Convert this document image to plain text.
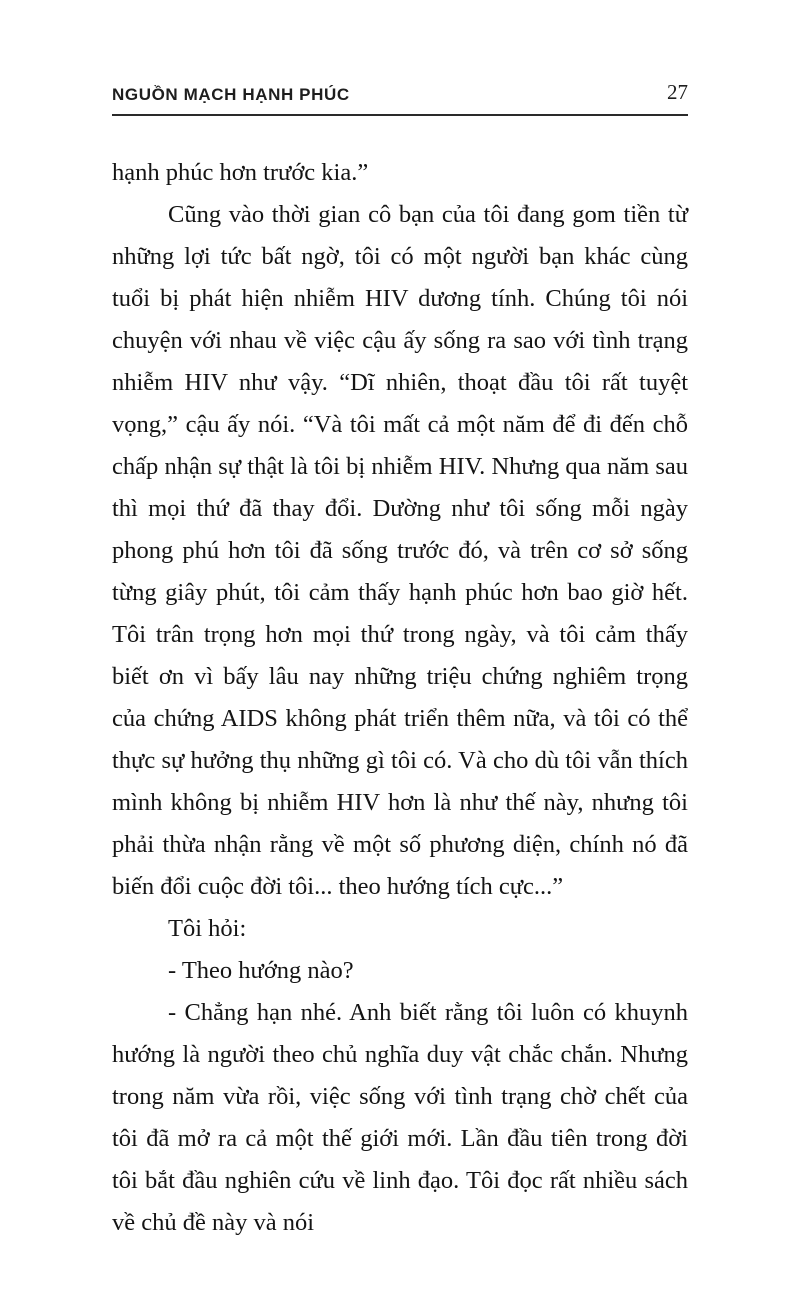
NGUỒN MẠCH HẠNH PHÚC	27

hạnh phúc hơn trước kia.”

Cũng vào thời gian cô bạn của tôi đang gom tiền từ những lợi tức bất ngờ, tôi có một người bạn khác cùng tuổi bị phát hiện nhiễm HIV dương tính. Chúng tôi nói chuyện với nhau về việc cậu ấy sống ra sao với tình trạng nhiễm HIV như vậy. “Dĩ nhiên, thoạt đầu tôi rất tuyệt vọng,” cậu ấy nói. “Và tôi mất cả một năm để đi đến chỗ chấp nhận sự thật là tôi bị nhiễm HIV. Nhưng qua năm sau thì mọi thứ đã thay đổi. Dường như tôi sống mỗi ngày phong phú hơn tôi đã sống trước đó, và trên cơ sở sống từng giây phút, tôi cảm thấy hạnh phúc hơn bao giờ hết. Tôi trân trọng hơn mọi thứ trong ngày, và tôi cảm thấy biết ơn vì bấy lâu nay những triệu chứng nghiêm trọng của chứng AIDS không phát triển thêm nữa, và tôi có thể thực sự hưởng thụ những gì tôi có. Và cho dù tôi vẫn thích mình không bị nhiễm HIV hơn là như thế này, nhưng tôi phải thừa nhận rằng về một số phương diện, chính nó đã biến đổi cuộc đời tôi... theo hướng tích cực...”

Tôi hỏi:

- Theo hướng nào?

- Chẳng hạn nhé. Anh biết rằng tôi luôn có khuynh hướng là người theo chủ nghĩa duy vật chắc chắn. Nhưng trong năm vừa rồi, việc sống với tình trạng chờ chết của tôi đã mở ra cả một thế giới mới. Lần đầu tiên trong đời tôi bắt đầu nghiên cứu về linh đạo. Tôi đọc rất nhiều sách về chủ đề này và nói
